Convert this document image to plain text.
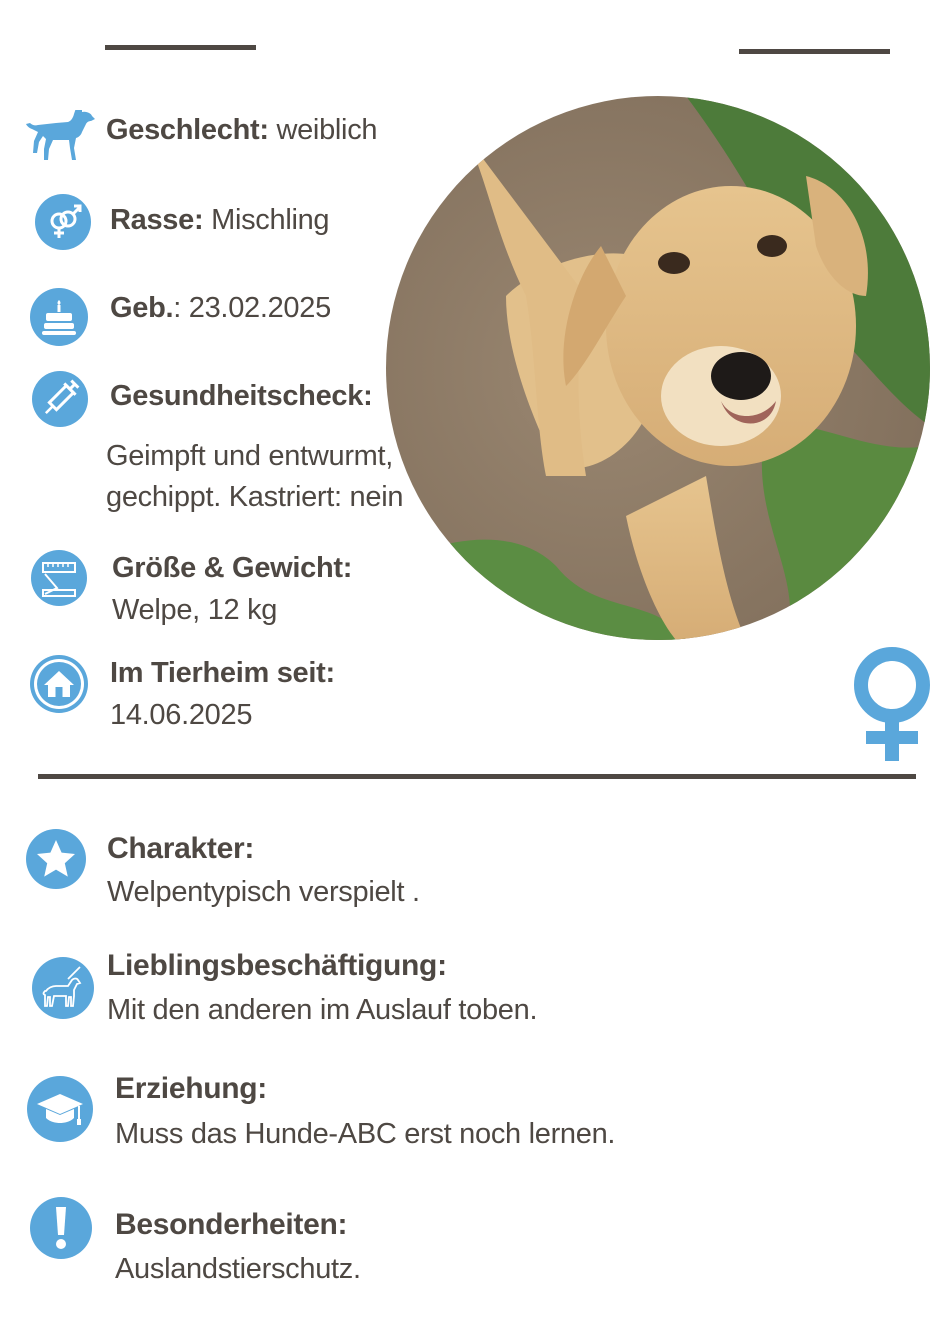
Geschlecht: weiblich
Rasse: Mischling
Geb.: 23.02.2025
Gesundheitscheck:
Geimpft und entwurmt,
gechippt. Kastriert: nein
Größe & Gewicht:
Welpe, 12 kg
Im Tierheim seit:
14.06.2025
Charakter:
Welpentypisch verspielt .
Lieblingsbeschäftigung:
Mit den anderen im Auslauf toben.
Erziehung:
Muss das Hunde-ABC erst noch lernen.
Besonderheiten:
Auslandstierschutz.
